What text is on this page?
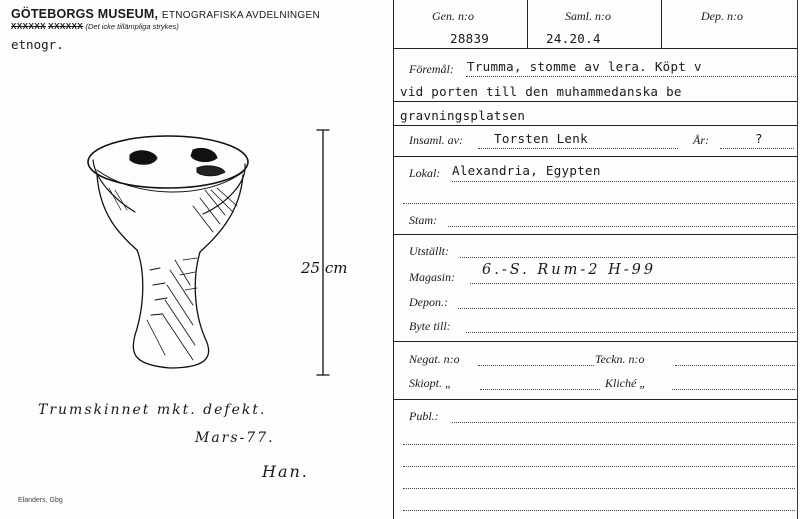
GÖTEBORGS MUSEUM, ETNOGRAFISKA AVDELNINGEN
XXXXXX XXXXXX (Det icke tillämpliga strykes)
etnogr.
25 cm
Trumskinnet mkt. defekt.
Mars-77.
Han.
Elanders, Gbg
Gen. n:o
28839
Saml. n:o
24.20.4
Dep. n:o
Föremål: Trumma, stomme av lera. Köpt v
vid porten till den muhammedanska be
gravningsplatsen
Insaml. av: Torsten Lenk	År:	?
Lokal: Alexandria, Egypten
Stam:
Utställt:
Magasin: 6.-S. Rum-2 H-99
Depon.:
Byte till:
Negat. n:o	Teckn. n:o
Skiopt. „	Kliché „
Publ.:
